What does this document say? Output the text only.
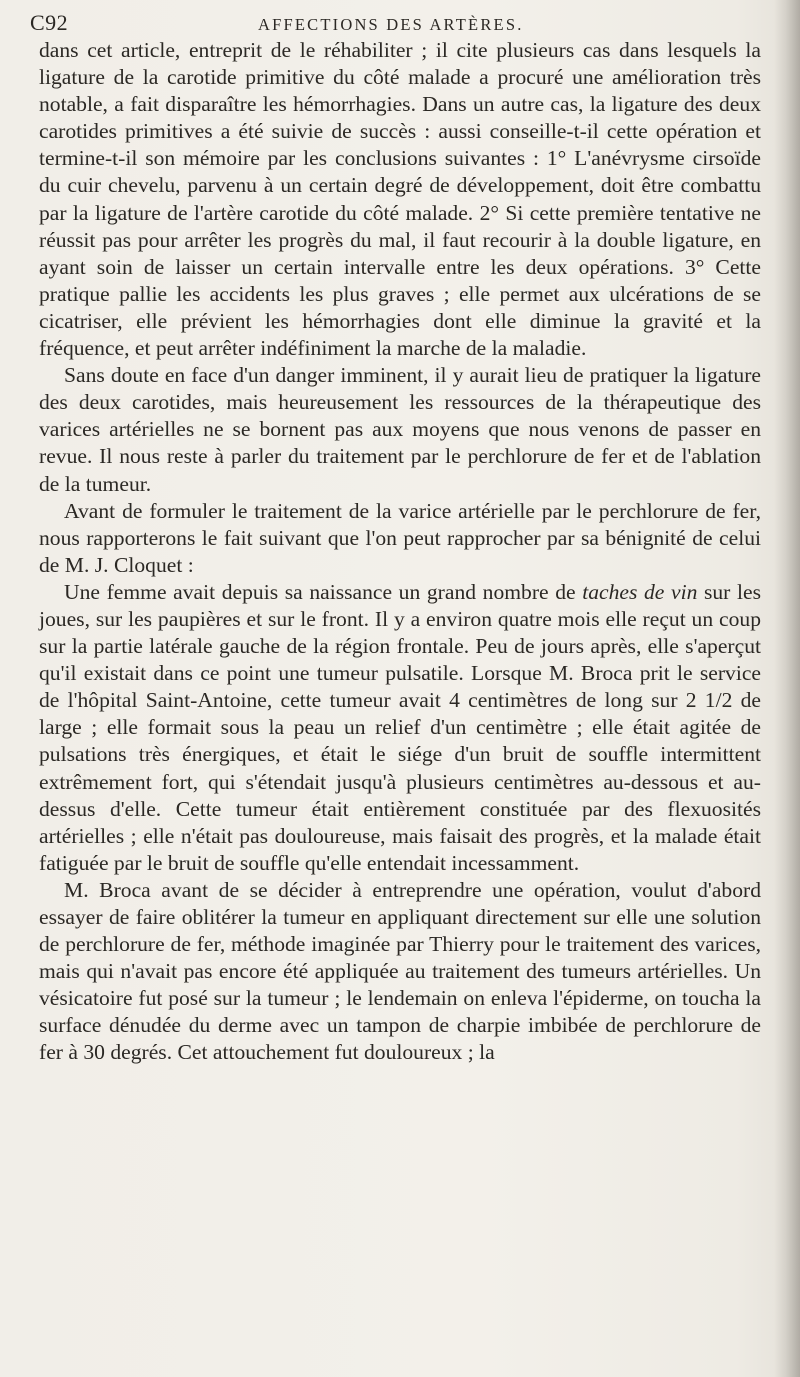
C92	AFFECTIONS DES ARTÈRES.

dans cet article, entreprit de le réhabiliter ; il cite plusieurs cas dans lesquels la ligature de la carotide primitive du côté malade a procuré une amélioration très notable, a fait disparaître les hémorrhagies. Dans un autre cas, la ligature des deux carotides primitives a été suivie de succès : aussi conseille-t-il cette opération et termine-t-il son mémoire par les conclusions suivantes : 1° L'anévrysme cirsoïde du cuir chevelu, parvenu à un certain degré de développement, doit être combattu par la ligature de l'artère carotide du côté malade. 2° Si cette première tentative ne réussit pas pour arrêter les progrès du mal, il faut recourir à la double ligature, en ayant soin de laisser un certain intervalle entre les deux opérations. 3° Cette pratique pallie les accidents les plus graves ; elle permet aux ulcérations de se cicatriser, elle prévient les hémorrhagies dont elle diminue la gravité et la fréquence, et peut arrêter indéfiniment la marche de la maladie.

Sans doute en face d'un danger imminent, il y aurait lieu de pratiquer la ligature des deux carotides, mais heureusement les ressources de la thérapeutique des varices artérielles ne se bornent pas aux moyens que nous venons de passer en revue. Il nous reste à parler du traitement par le perchlorure de fer et de l'ablation de la tumeur.

Avant de formuler le traitement de la varice artérielle par le perchlorure de fer, nous rapporterons le fait suivant que l'on peut rapprocher par sa bénignité de celui de M. J. Cloquet :

Une femme avait depuis sa naissance un grand nombre de taches de vin sur les joues, sur les paupières et sur le front. Il y a environ quatre mois elle reçut un coup sur la partie latérale gauche de la région frontale. Peu de jours après, elle s'aperçut qu'il existait dans ce point une tumeur pulsatile. Lorsque M. Broca prit le service de l'hôpital Saint-Antoine, cette tumeur avait 4 centimètres de long sur 2 1/2 de large ; elle formait sous la peau un relief d'un centimètre ; elle était agitée de pulsations très énergiques, et était le siége d'un bruit de souffle intermittent extrêmement fort, qui s'étendait jusqu'à plusieurs centimètres au-dessous et au-dessus d'elle. Cette tumeur était entièrement constituée par des flexuosités artérielles ; elle n'était pas douloureuse, mais faisait des progrès, et la malade était fatiguée par le bruit de souffle qu'elle entendait incessamment.

M. Broca avant de se décider à entreprendre une opération, voulut d'abord essayer de faire oblitérer la tumeur en appliquant directement sur elle une solution de perchlorure de fer, méthode imaginée par Thierry pour le traitement des varices, mais qui n'avait pas encore été appliquée au traitement des tumeurs artérielles. Un vésicatoire fut posé sur la tumeur ; le lendemain on enleva l'épiderme, on toucha la surface dénudée du derme avec un tampon de charpie imbibée de perchlorure de fer à 30 degrés. Cet attouchement fut douloureux ; la
